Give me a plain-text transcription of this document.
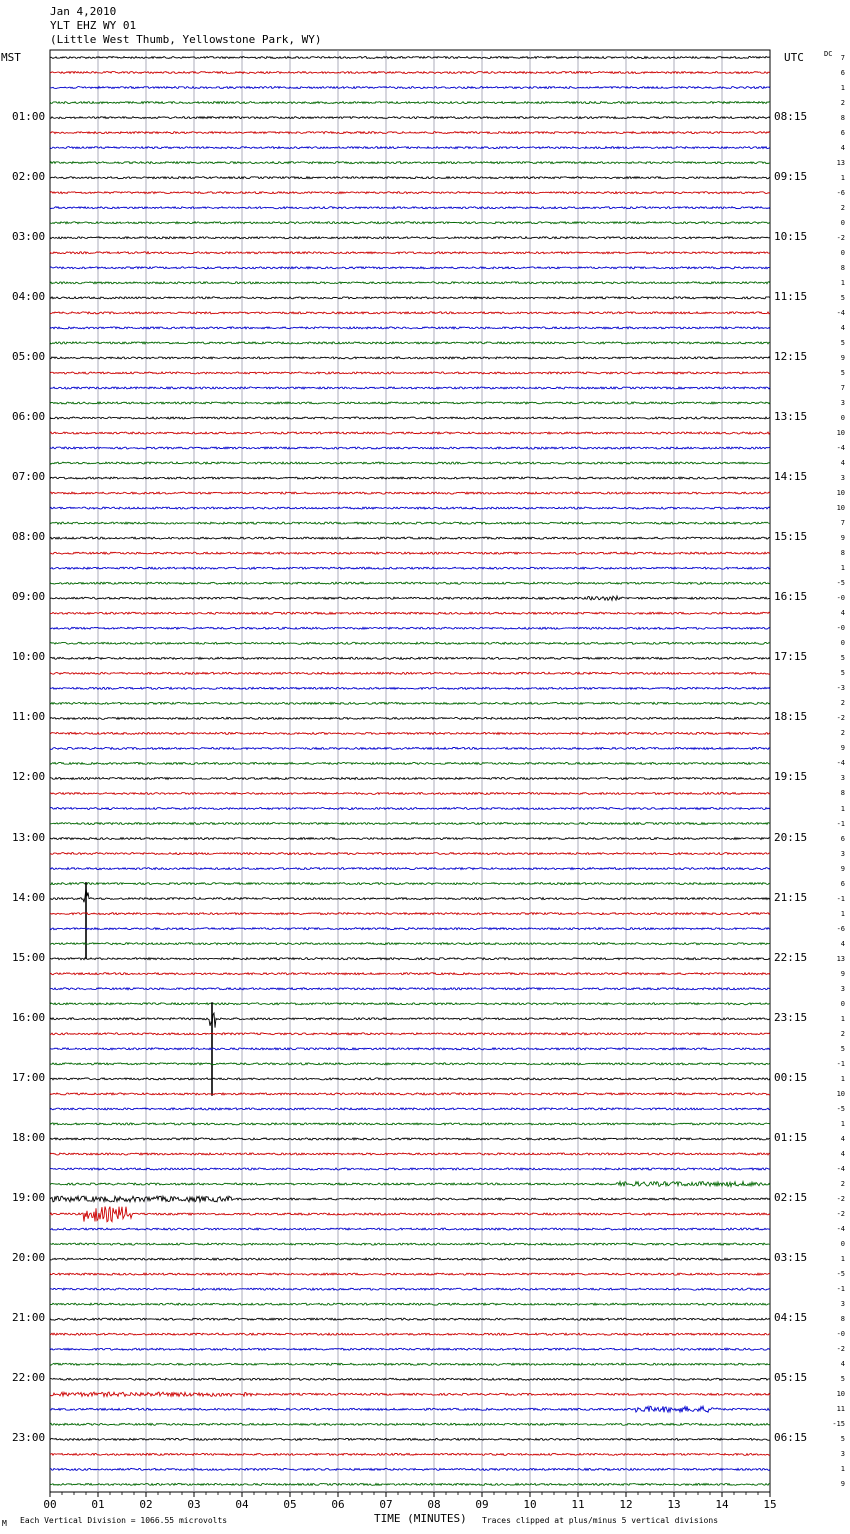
Jan 4,2010
YLT EHZ WY 01
(Little West Thumb, Yellowstone Park, WY)
MST	UTC	DC
00	01	02	03	04	05	06	07	08	09	10	11	12	13	14	15
01:00
02:00
03:00
04:00
05:00
06:00
07:00
08:00
09:00
10:00
11:00
12:00
13:00
14:00
15:00
16:00
17:00
18:00
19:00
20:00
21:00
22:00
23:00
08:15
09:15
10:15
11:15
12:15
13:15
14:15
15:15
16:15
17:15
18:15
19:15
20:15
21:15
22:15
23:15
00:15
01:15
02:15
03:15
04:15
05:15
06:15
7
6
1
2
8
6
4
13
1
-6
2
0
-2
0
8
1
5
-4
4
5
9
5
7
3
0
10
-4
4
3
10
10
7
9
8
1
-5
-0
4
-0
0
5
5
-3
2
-2
2
9
-4
3
8
1
-1
6
3
9
6
-1
1
-6
4
13
9
3
0
1
2
5
-1
1
10
-5
1
4
4
-4
2
-2
-2
-4
0
1
-5
-1
3
8
-0
-2
4
5
10
11
-15
5
3
1
9
M Each Vertical Division = 1066.55 microvolts	TIME (MINUTES) Traces clipped at plus/minus 5 vertical divisions
